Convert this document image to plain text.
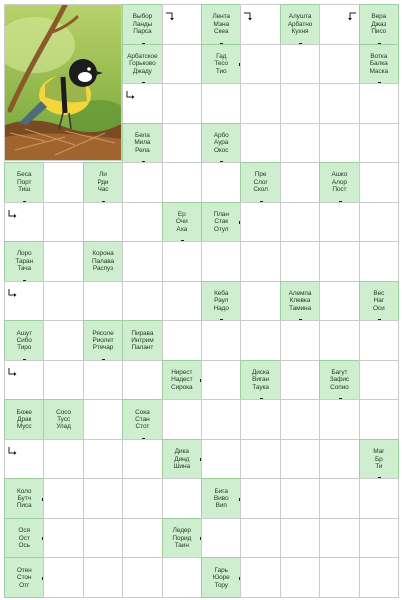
Выбор
Ланды
Парса
Лента
Мэна
Скеа
Алушта
Арбатно
Кухня
Вера
Джаз
Писо
Арбатское
Горьково
Джаду
Гад
Тесо
Тио
Вотка
Балка
Маска
Бела
Мила
Рела
Арбо
Аура
Окос
Беса
Порт
Тиш
Ли
Рди
Час
Пре
Слог
Скол
Ашко
Алор
Пост
Ер
Очи
Аха
План
Стак
Отул
Лоро
Таран
Тача
Корона
Палава
Распуз
Кеба
Раул
Надо
Алемпа
Клевка
Тамина
Вес
Наг
Оси
Ашут
Сибо
Тиро
Рясоле
Риолет
Ртечар
Пирава
Интрим
Палант
Нирест
Надест
Сирока
Диска
Виган
Таука
Багут
Зафис
Сопио
Боже
Драк
Мусс
Сосо
Тусс
Улад
Сока
Стан
Стот
Дика
Динд
Шина
Маг
Бр
Ти
Коло
Бутч
Писа
Бига
Виво
Вип
Ося
Ост
Ось
Ледер
Порид
Таин
Отен
Стон
Отг
Гарь
Юоре
Тору
